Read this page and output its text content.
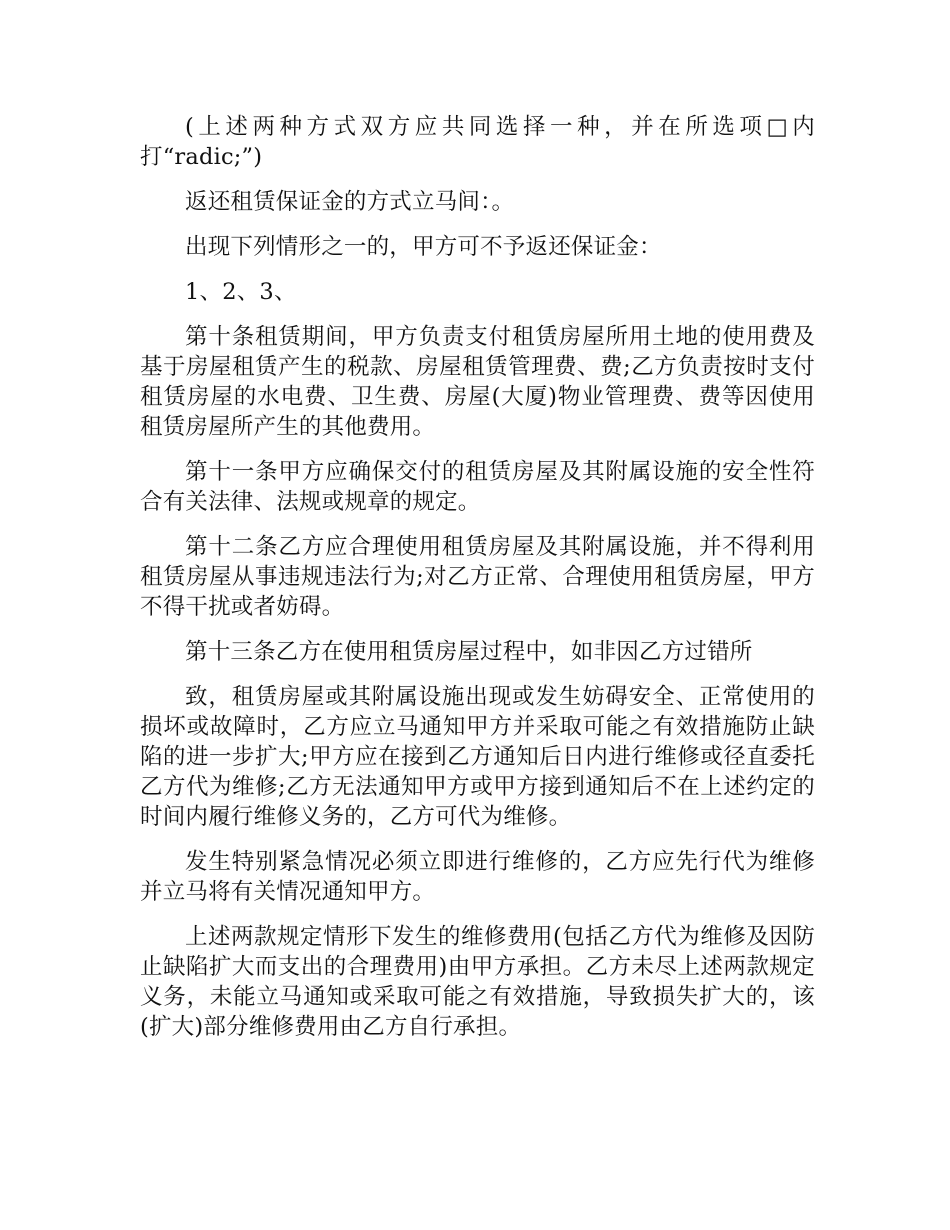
(上述两种方式双方应共同选择一种，并在所选项□内打“radic;”)

返还租赁保证金的方式立马间：。

出现下列情形之一的，甲方可不予返还保证金：

1、2、3、

第十条租赁期间，甲方负责支付租赁房屋所用土地的使用费及基于房屋租赁产生的税款、房屋租赁管理费、费;乙方负责按时支付租赁房屋的水电费、卫生费、房屋(大厦)物业管理费、费等因使用租赁房屋所产生的其他费用。

第十一条甲方应确保交付的租赁房屋及其附属设施的安全性符合有关法律、法规或规章的规定。

第十二条乙方应合理使用租赁房屋及其附属设施，并不得利用租赁房屋从事违规违法行为;对乙方正常、合理使用租赁房屋，甲方不得干扰或者妨碍。

第十三条乙方在使用租赁房屋过程中，如非因乙方过错所

致，租赁房屋或其附属设施出现或发生妨碍安全、正常使用的损坏或故障时，乙方应立马通知甲方并采取可能之有效措施防止缺陷的进一步扩大;甲方应在接到乙方通知后日内进行维修或径直委托乙方代为维修;乙方无法通知甲方或甲方接到通知后不在上述约定的时间内履行维修义务的，乙方可代为维修。

发生特别紧急情况必须立即进行维修的，乙方应先行代为维修并立马将有关情况通知甲方。

上述两款规定情形下发生的维修费用(包括乙方代为维修及因防止缺陷扩大而支出的合理费用)由甲方承担。乙方未尽上述两款规定义务，未能立马通知或采取可能之有效措施，导致损失扩大的，该(扩大)部分维修费用由乙方自行承担。
